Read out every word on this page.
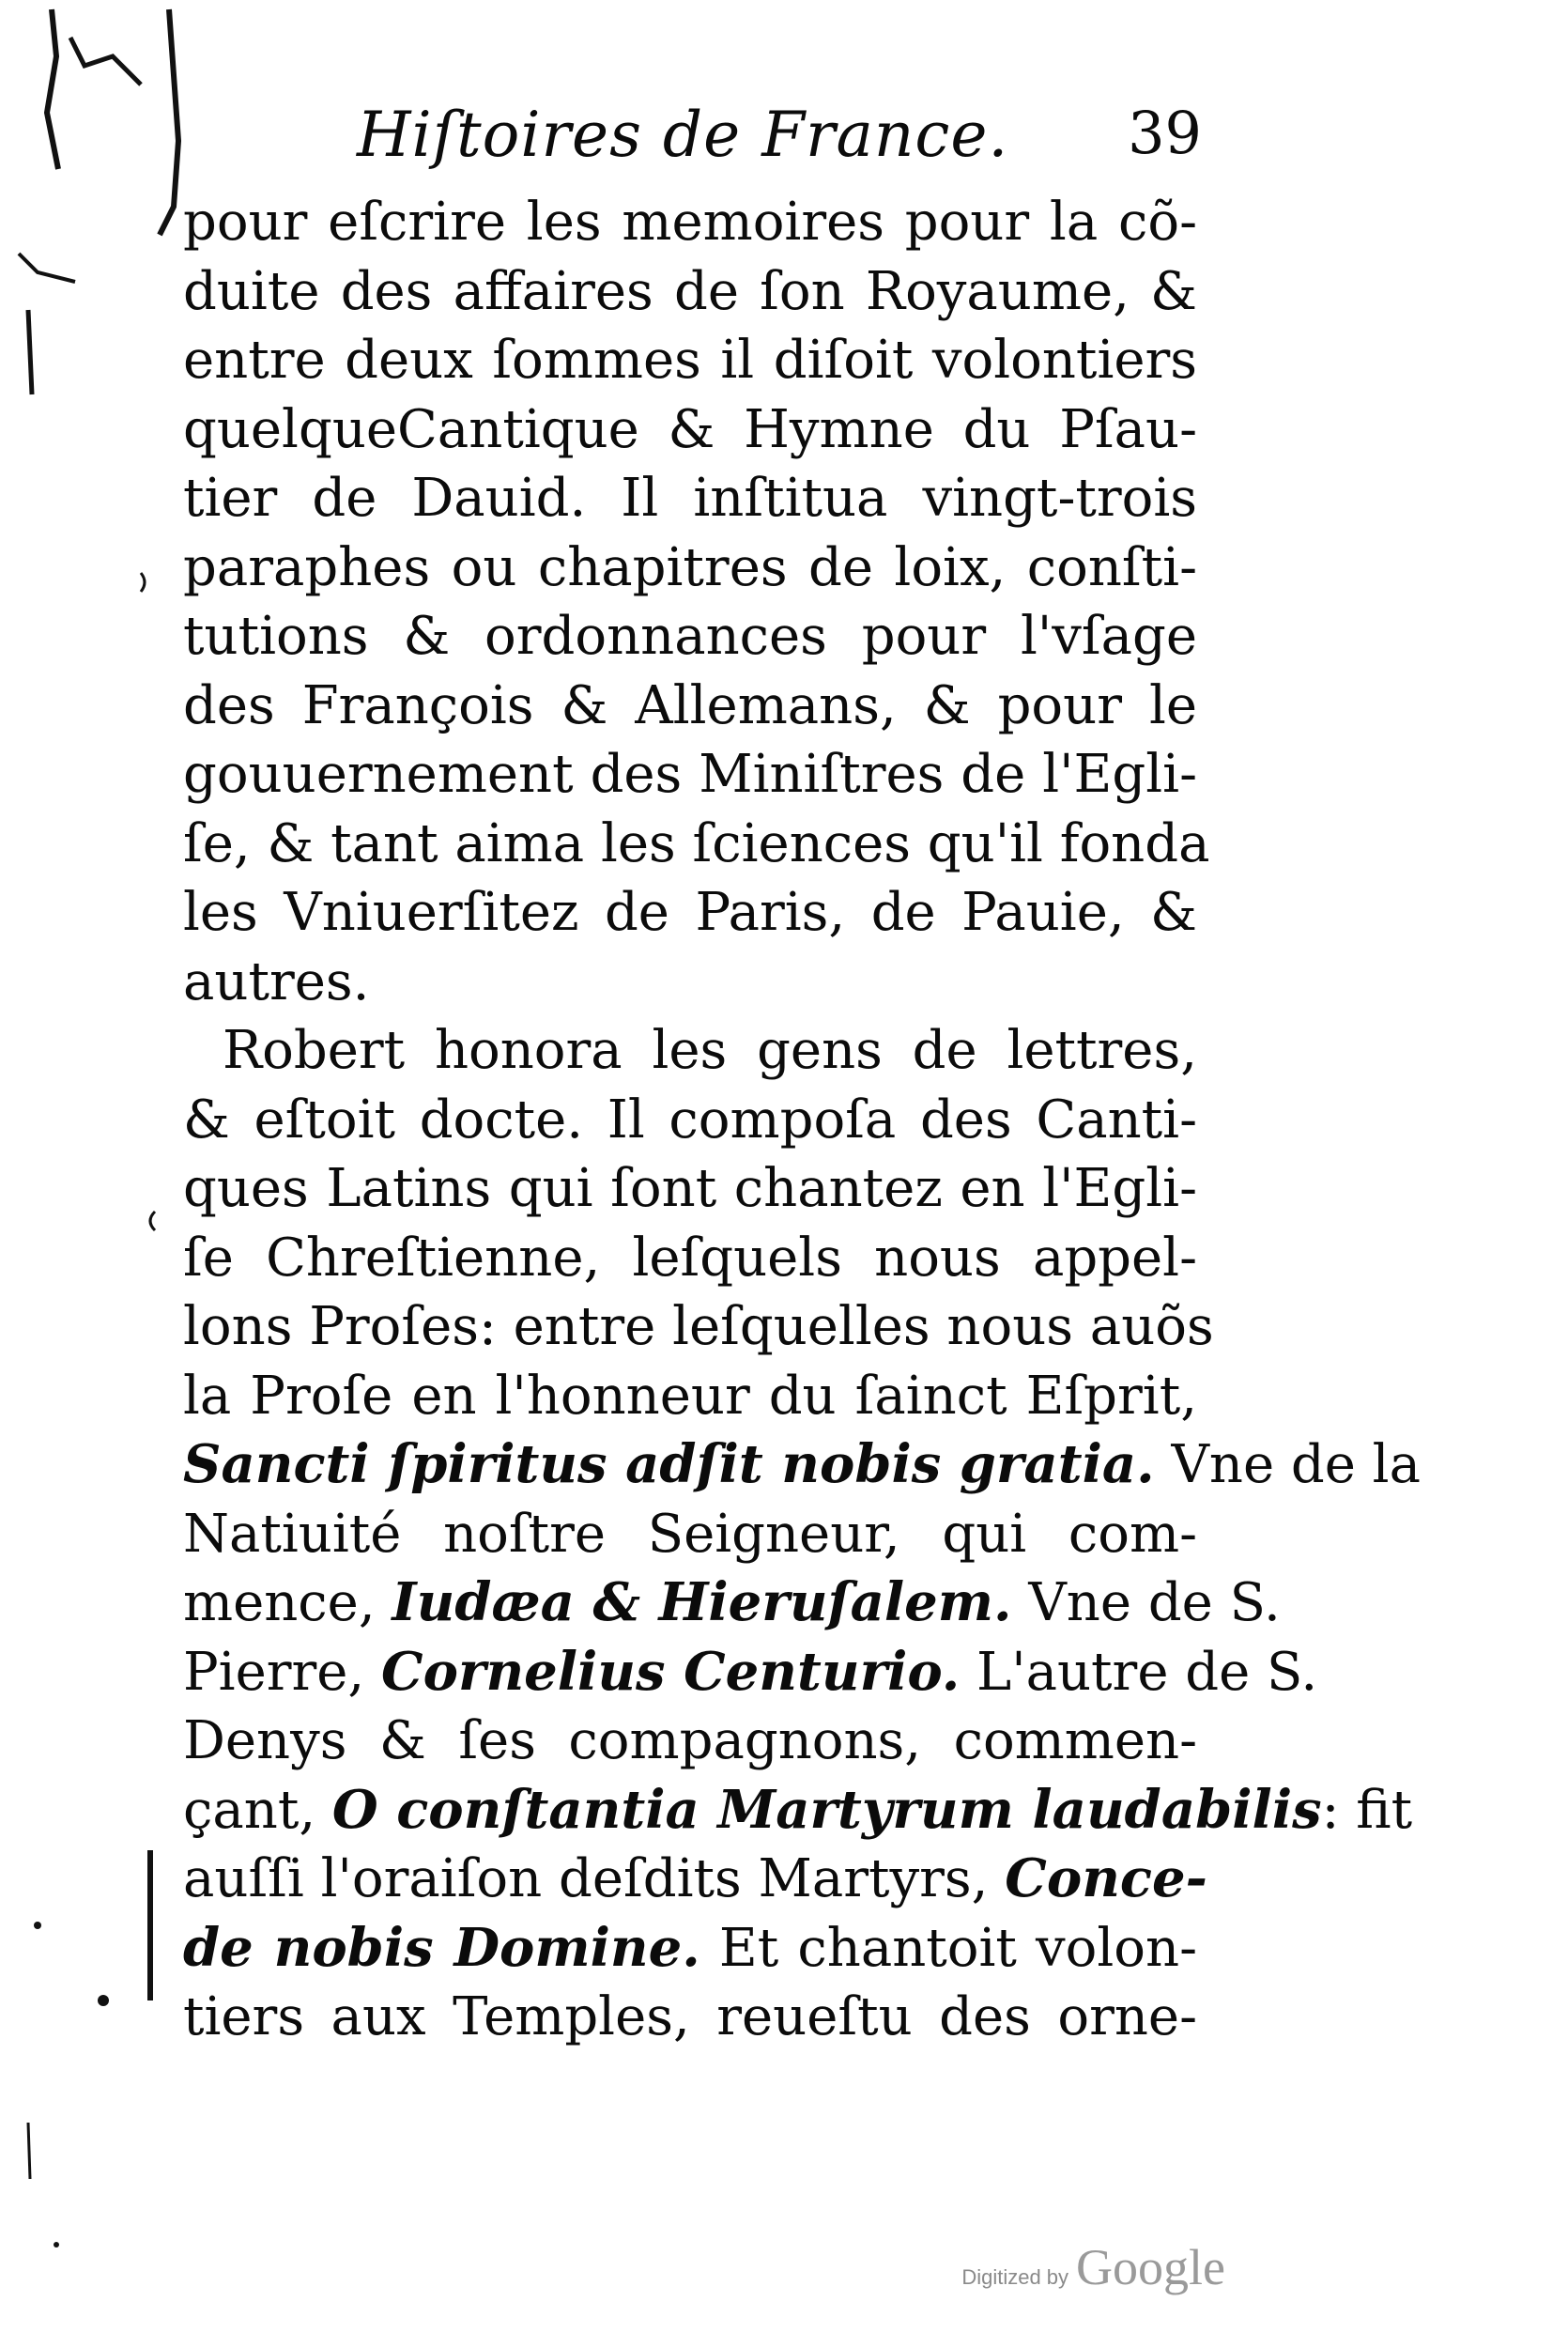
Hiſtoires de France. 39
pour eſcrire les memoires pour la cõ-
duite des affaires de ſon Royaume, &
entre deux ſommes il diſoit volontiers
quelqueCantique & Hymne du Pſau-
tier de Dauid. Il inſtitua vingt-trois
paraphes ou chapitres de loix, conſti-
tutions & ordonnances pour l'vſage
des François & Allemans, & pour le
gouuernement des Miniſtres de l'Egli-
ſe, & tant aima les ſciences qu'il fonda
les Vniuerſitez de Paris, de Pauie, &
autres.
Robert honora les gens de lettres,
& eſtoit docte. Il compoſa des Canti-
ques Latins qui ſont chantez en l'Egli-
ſe Chreſtienne, leſquels nous appel-
lons Proſes: entre leſquelles nous auõs
la Proſe en l'honneur du ſainct Eſprit,
Sancti ſpiritus adſit nobis gratia. Vne de la
Natiuité noſtre Seigneur, qui com-
mence, Iudæa & Hieruſalem. Vne de S.
Pierre, Cornelius Centurio. L'autre de S.
Denys & ſes compagnons, commen-
çant, O conſtantia Martyrum laudabilis: fit
auſſi l'oraiſon deſdits Martyrs, Conce-
de nobis Domine. Et chantoit volon-
tiers aux Temples, reueſtu des orne-
Digitized by Google
